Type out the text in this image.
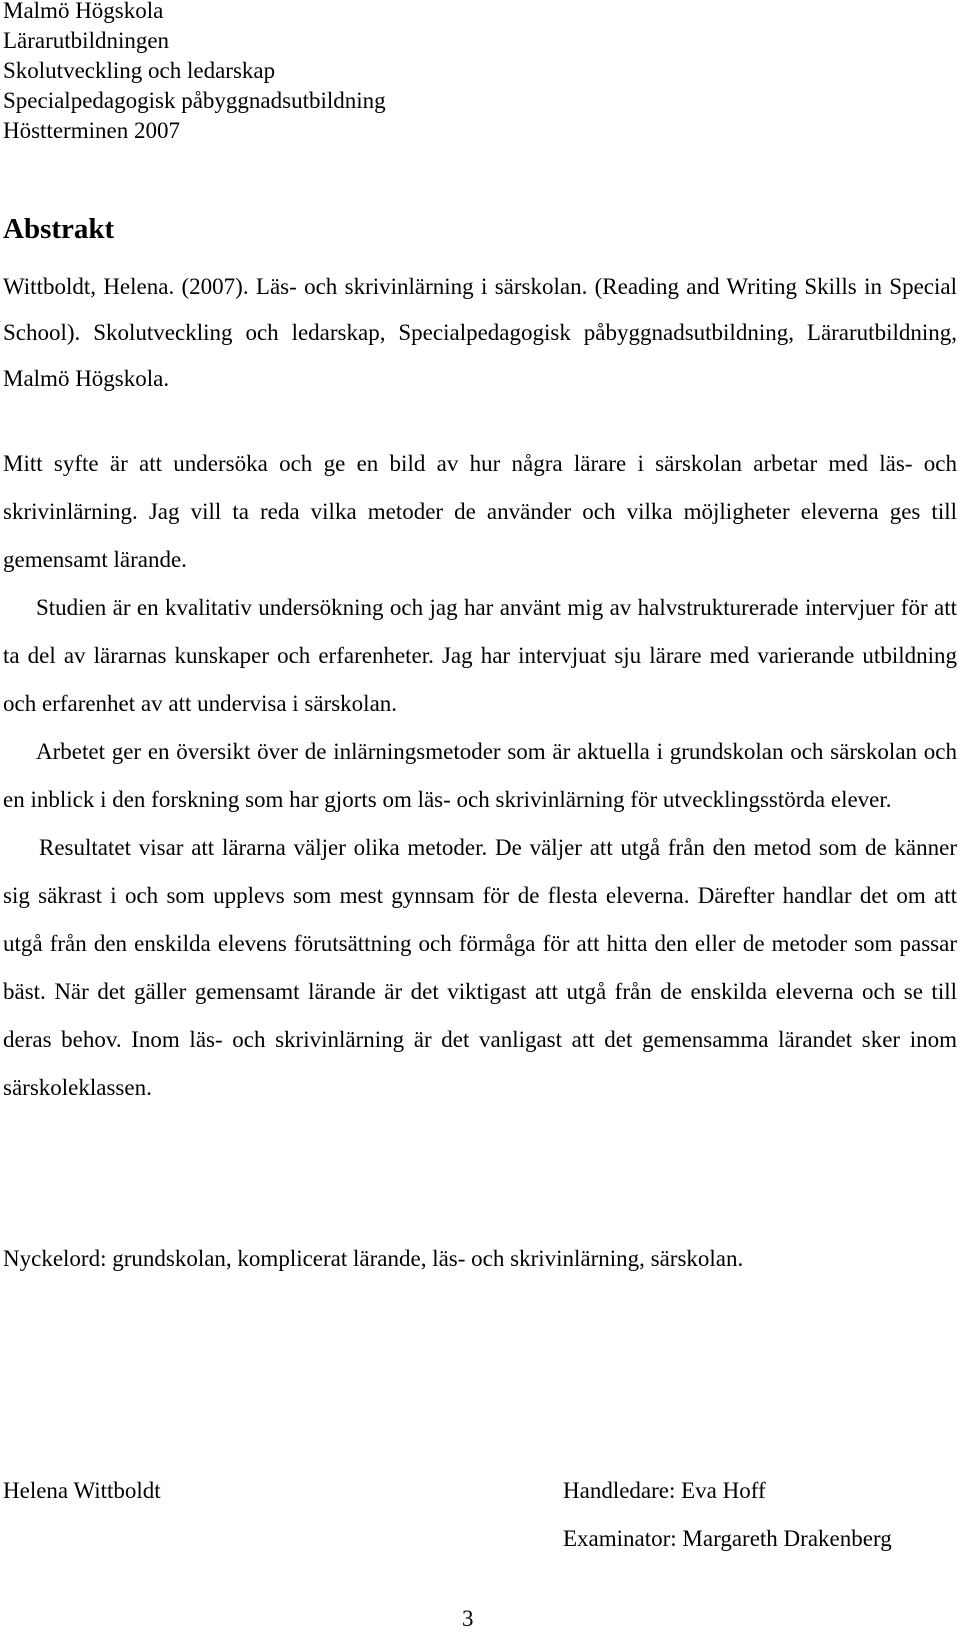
Malmö Högskola
Lärarutbildningen
Skolutveckling och ledarskap
Specialpedagogisk påbyggnadsutbildning
Höstterminen 2007
Abstrakt

Wittboldt, Helena. (2007). Läs- och skrivinlärning i särskolan. (Reading and Writing Skills in Special School). Skolutveckling och ledarskap, Specialpedagogisk påbyggnadsutbildning, Lärarutbildning, Malmö Högskola.

Mitt syfte är att undersöka och ge en bild av hur några lärare i särskolan arbetar med läs- och skrivinlärning. Jag vill ta reda vilka metoder de använder och vilka möjligheter eleverna ges till gemensamt lärande.

Studien är en kvalitativ undersökning och jag har använt mig av halvstrukturerade intervjuer för att ta del av lärarnas kunskaper och erfarenheter. Jag har intervjuat sju lärare med varierande utbildning och erfarenhet av att undervisa i särskolan.

Arbetet ger en översikt över de inlärningsmetoder som är aktuella i grundskolan och särskolan och en inblick i den forskning som har gjorts om läs- och skrivinlärning för utvecklingsstörda elever.

Resultatet visar att lärarna väljer olika metoder. De väljer att utgå från den metod som de känner sig säkrast i och som upplevs som mest gynnsam för de flesta eleverna. Därefter handlar det om att utgå från den enskilda elevens förutsättning och förmåga för att hitta den eller de metoder som passar bäst. När det gäller gemensamt lärande är det viktigast att utgå från de enskilda eleverna och se till deras behov. Inom läs- och skrivinlärning är det vanligast att det gemensamma lärandet sker inom särskoleklassen.

Nyckelord: grundskolan, komplicerat lärande, läs- och skrivinlärning, särskolan.
Helena Wittboldt	Handledare: Eva Hoff
Examinator: Margareth Drakenberg
3
